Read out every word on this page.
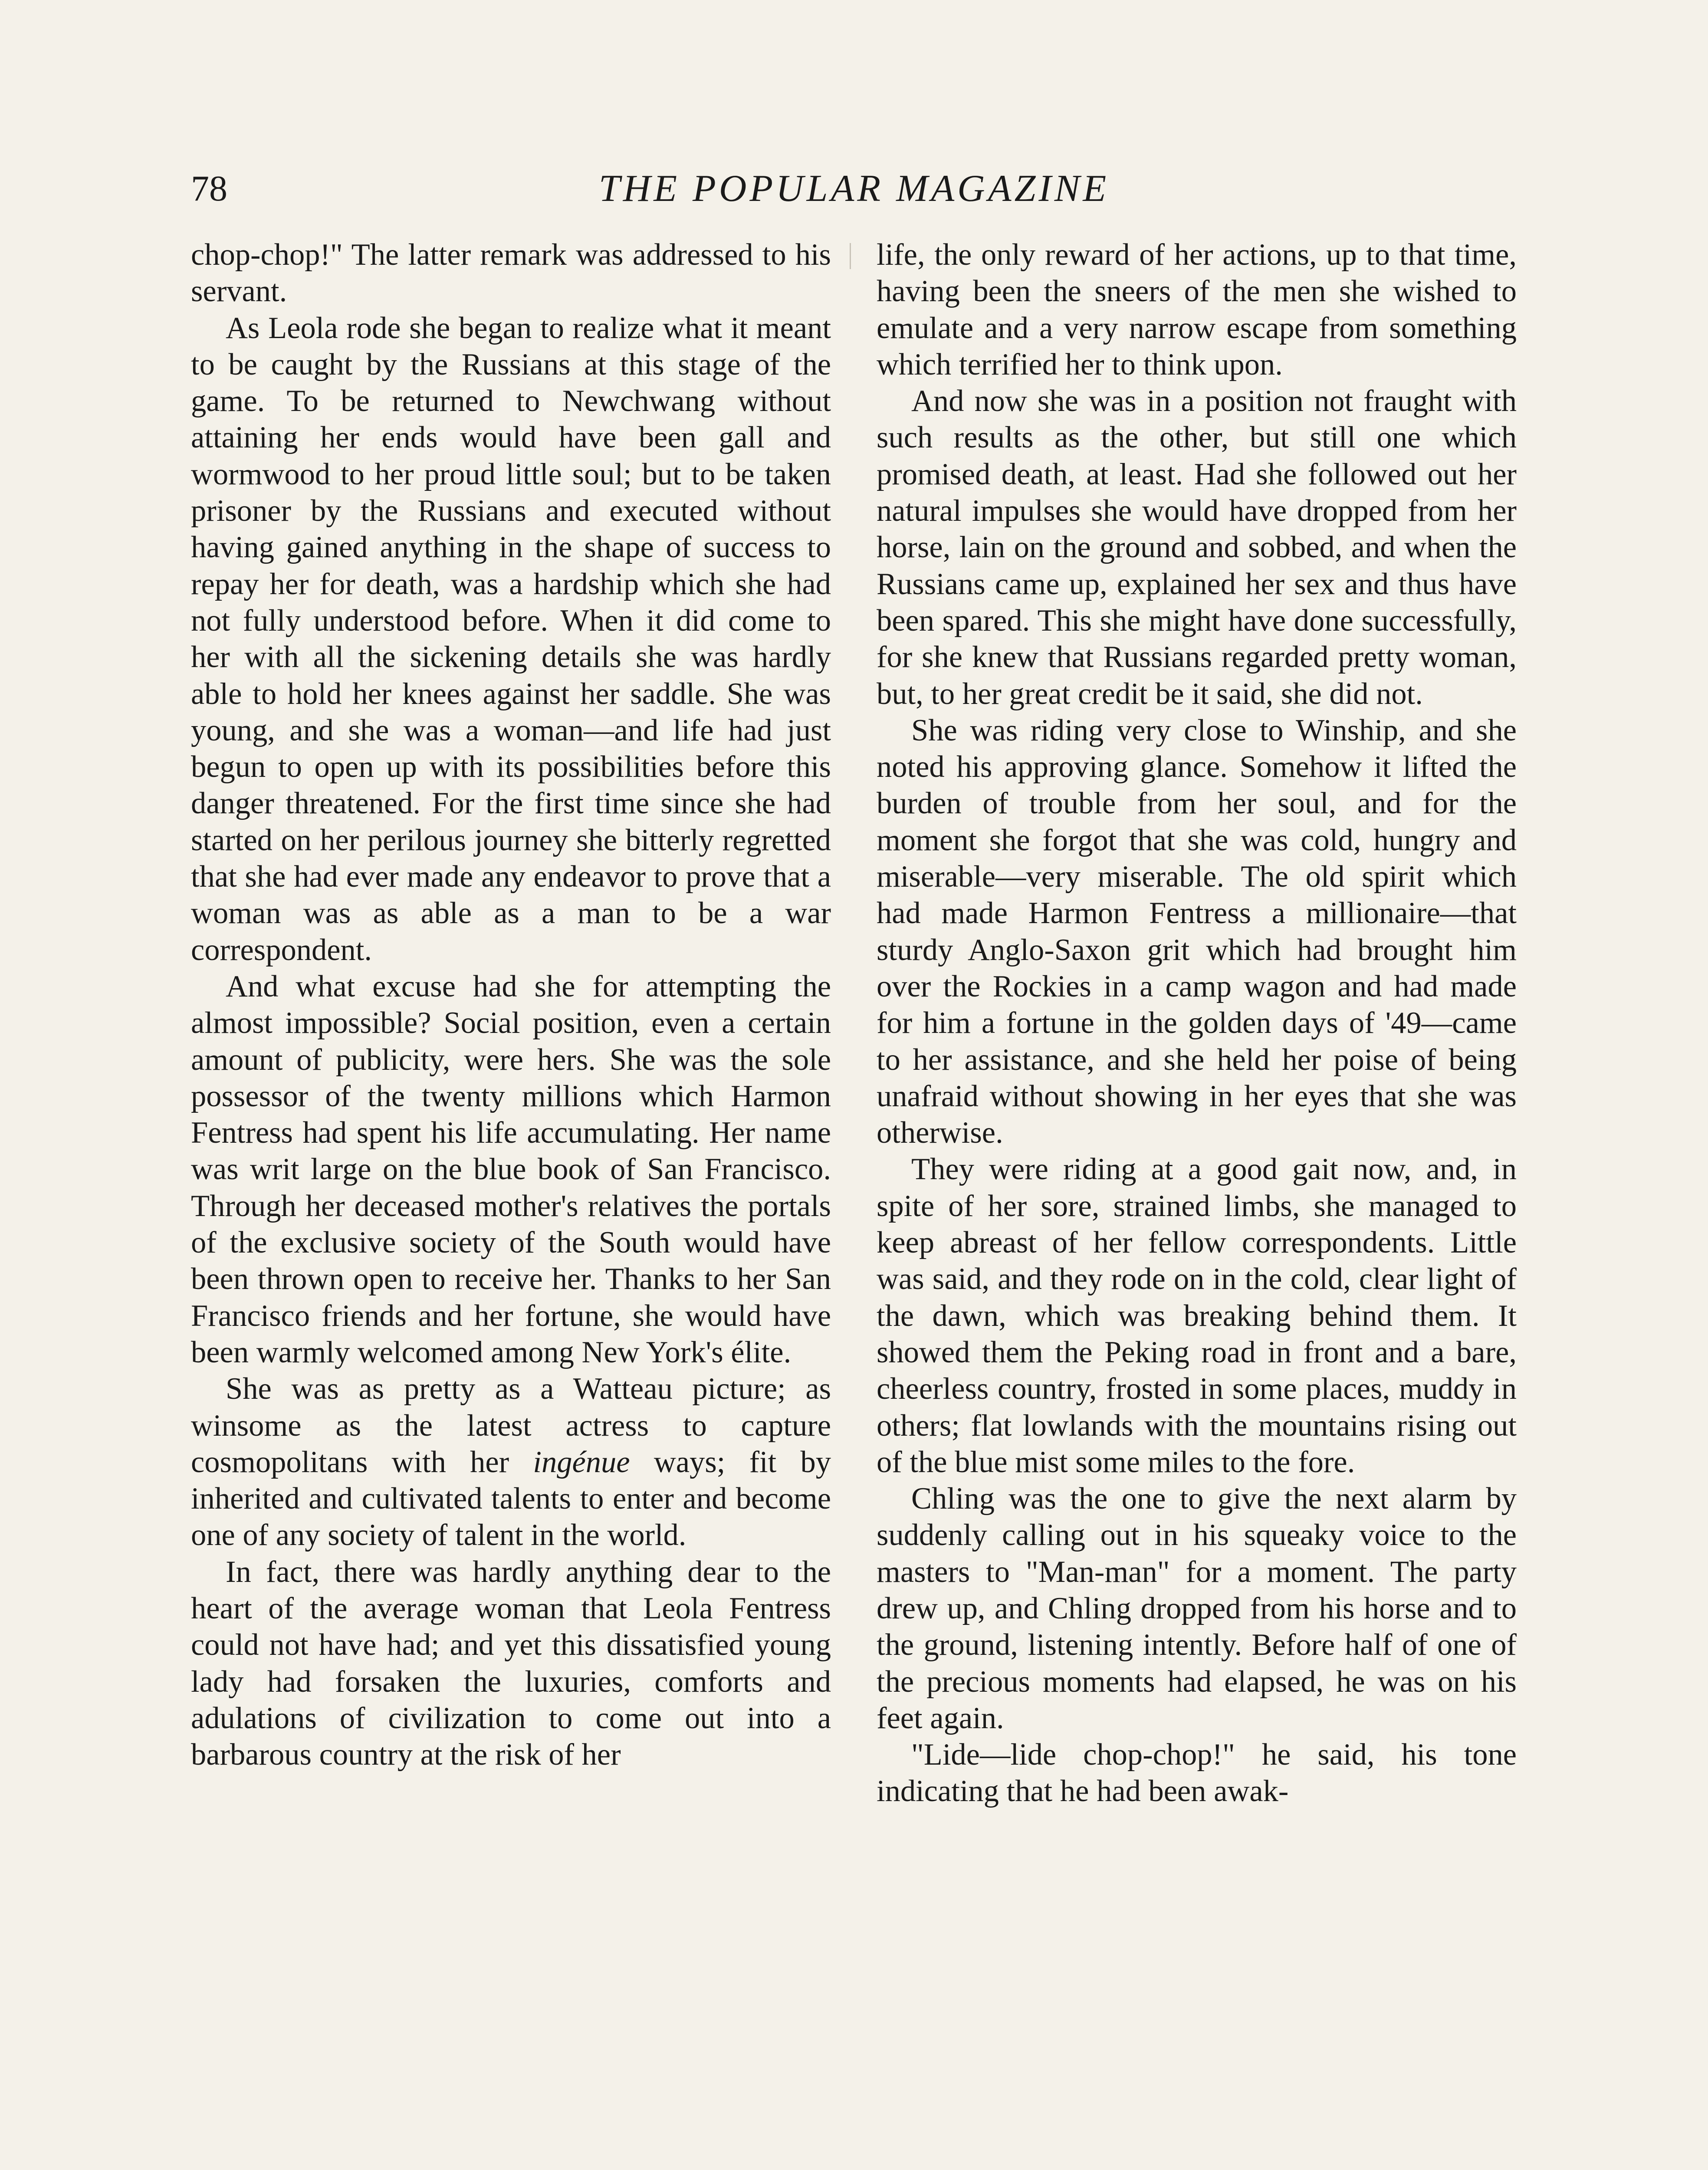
78	THE POPULAR MAGAZINE

chop-chop!" The latter remark was addressed to his servant.

As Leola rode she began to realize what it meant to be caught by the Russians at this stage of the game. To be returned to Newchwang without attaining her ends would have been gall and wormwood to her proud little soul; but to be taken prisoner by the Russians and executed without having gained anything in the shape of success to repay her for death, was a hardship which she had not fully understood before. When it did come to her with all the sickening details she was hardly able to hold her knees against her saddle. She was young, and she was a woman—and life had just begun to open up with its possibilities before this danger threatened. For the first time since she had started on her perilous journey she bitterly regretted that she had ever made any endeavor to prove that a woman was as able as a man to be a war correspondent.

And what excuse had she for attempting the almost impossible? Social position, even a certain amount of publicity, were hers. She was the sole possessor of the twenty millions which Harmon Fentress had spent his life accumulating. Her name was writ large on the blue book of San Francisco. Through her deceased mother's relatives the portals of the exclusive society of the South would have been thrown open to receive her. Thanks to her San Francisco friends and her fortune, she would have been warmly welcomed among New York's élite.

She was as pretty as a Watteau picture; as winsome as the latest actress to capture cosmopolitans with her ingénue ways; fit by inherited and cultivated talents to enter and become one of any society of talent in the world.

In fact, there was hardly anything dear to the heart of the average woman that Leola Fentress could not have had; and yet this dissatisfied young lady had forsaken the luxuries, comforts and adulations of civilization to come out into a barbarous country at the risk of her

life, the only reward of her actions, up to that time, having been the sneers of the men she wished to emulate and a very narrow escape from something which terrified her to think upon.

And now she was in a position not fraught with such results as the other, but still one which promised death, at least. Had she followed out her natural impulses she would have dropped from her horse, lain on the ground and sobbed, and when the Russians came up, explained her sex and thus have been spared. This she might have done successfully, for she knew that Russians regarded pretty woman, but, to her great credit be it said, she did not.

She was riding very close to Winship, and she noted his approving glance. Somehow it lifted the burden of trouble from her soul, and for the moment she forgot that she was cold, hungry and miserable—very miserable. The old spirit which had made Harmon Fentress a millionaire—that sturdy Anglo-Saxon grit which had brought him over the Rockies in a camp wagon and had made for him a fortune in the golden days of '49—came to her assistance, and she held her poise of being unafraid without showing in her eyes that she was otherwise.

They were riding at a good gait now, and, in spite of her sore, strained limbs, she managed to keep abreast of her fellow correspondents. Little was said, and they rode on in the cold, clear light of the dawn, which was breaking behind them. It showed them the Peking road in front and a bare, cheerless country, frosted in some places, muddy in others; flat lowlands with the mountains rising out of the blue mist some miles to the fore.

Chling was the one to give the next alarm by suddenly calling out in his squeaky voice to the masters to "Man-man" for a moment. The party drew up, and Chling dropped from his horse and to the ground, listening intently. Before half of one of the precious moments had elapsed, he was on his feet again.

"Lide—lide chop-chop!" he said, his tone indicating that he had been awak-
